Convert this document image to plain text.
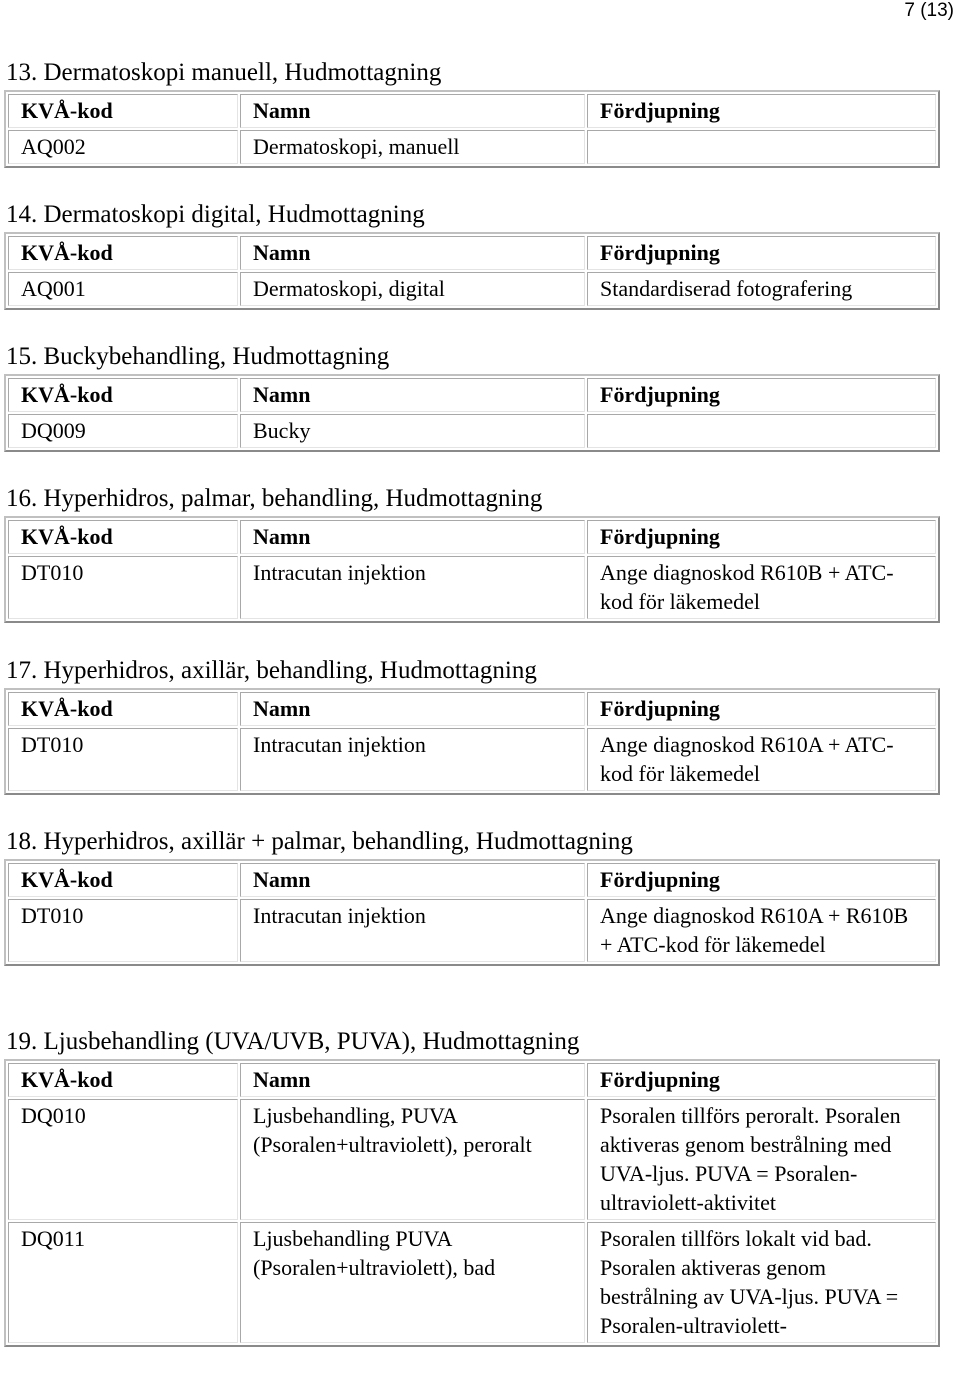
7 (13)
13. Dermatoskopi manuell, Hudmottagning
KVÅ-kod	Namn	Fördjupning
AQ002	Dermatoskopi, manuell	
14. Dermatoskopi digital, Hudmottagning
KVÅ-kod	Namn	Fördjupning
AQ001	Dermatoskopi, digital	Standardiserad fotografering
15. Buckybehandling, Hudmottagning
KVÅ-kod	Namn	Fördjupning
DQ009	Bucky	
16. Hyperhidros, palmar, behandling, Hudmottagning
KVÅ-kod	Namn	Fördjupning
DT010	Intracutan injektion	Ange diagnoskod R610B + ATC-kod för läkemedel
17. Hyperhidros, axillär, behandling, Hudmottagning
KVÅ-kod	Namn	Fördjupning
DT010	Intracutan injektion	Ange diagnoskod R610A + ATC-kod för läkemedel
18. Hyperhidros, axillär + palmar, behandling, Hudmottagning
KVÅ-kod	Namn	Fördjupning
DT010	Intracutan injektion	Ange diagnoskod R610A + R610B + ATC-kod för läkemedel
19. Ljusbehandling (UVA/UVB, PUVA), Hudmottagning
KVÅ-kod	Namn	Fördjupning
DQ010	Ljusbehandling, PUVA (Psoralen+ultraviolett), peroralt	Psoralen tillförs peroralt. Psoralen aktiveras genom bestrålning med UVA-ljus. PUVA = Psoralen-ultraviolett-aktivitet
DQ011	Ljusbehandling PUVA (Psoralen+ultraviolett), bad	Psoralen tillförs lokalt vid bad. Psoralen aktiveras genom bestrålning av UVA-ljus. PUVA = Psoralen-ultraviolett-
